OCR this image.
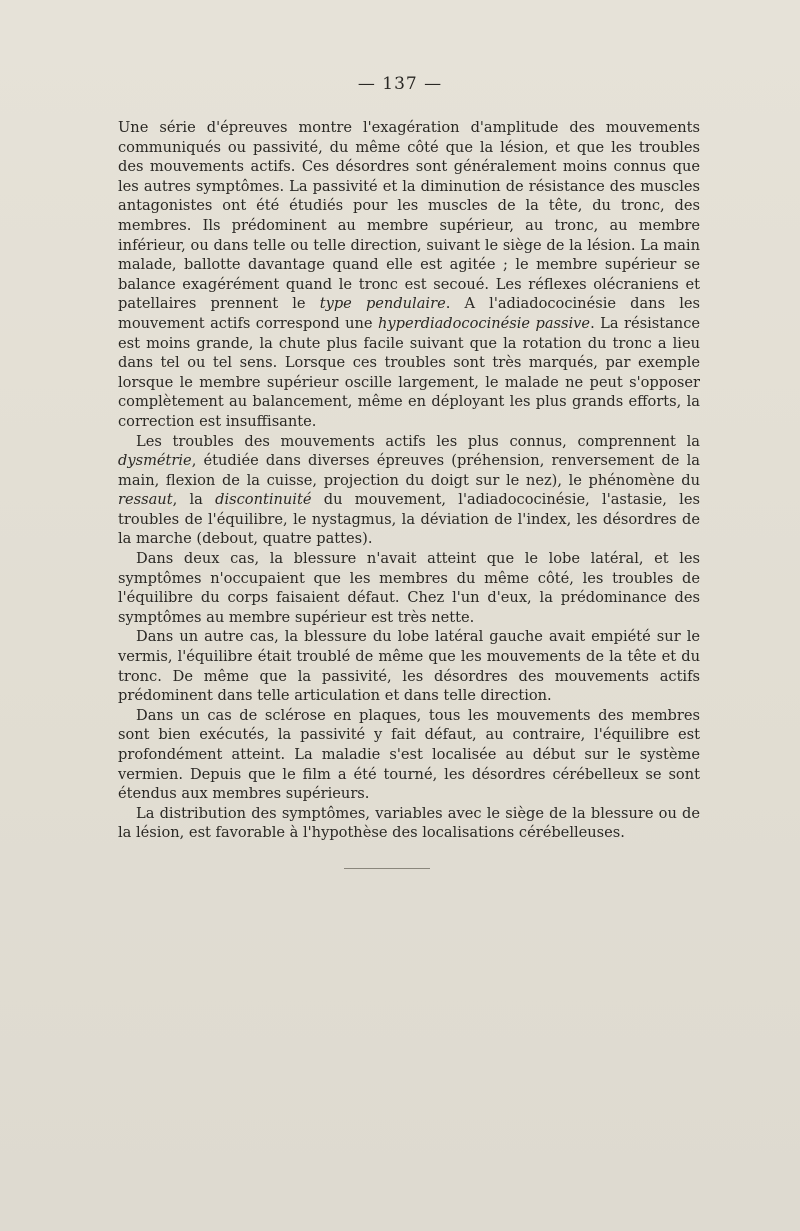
— 137 —

Une série d'épreuves montre l'exagération d'amplitude des mouvements communiqués ou passivité, du même côté que la lésion, et que les troubles des mouvements actifs. Ces désordres sont généralement moins connus que les autres symptômes. La passivité et la diminution de résistance des muscles antagonistes ont été étudiés pour les muscles de la tête, du tronc, des membres. Ils prédominent au membre supérieur, au tronc, au membre inférieur, ou dans telle ou telle direction, suivant le siège de la lésion. La main malade, ballotte davantage quand elle est agitée ; le membre supérieur se balance exagérément quand le tronc est secoué. Les réflexes olécraniens et patellaires prennent le type pendulaire. A l'adiadococinésie dans les mouvement actifs correspond une hyperdiadococinésie passive. La résistance est moins grande, la chute plus facile suivant que la rotation du tronc a lieu dans tel ou tel sens. Lorsque ces troubles sont très marqués, par exemple lorsque le membre supérieur oscille largement, le malade ne peut s'opposer complètement au balancement, même en déployant les plus grands efforts, la correction est insuffisante.

Les troubles des mouvements actifs les plus connus, comprennent la dysmétrie, étudiée dans diverses épreuves (préhension, renversement de la main, flexion de la cuisse, projection du doigt sur le nez), le phénomène du ressaut, la discontinuité du mouvement, l'adiadococinésie, l'astasie, les troubles de l'équilibre, le nystagmus, la déviation de l'index, les désordres de la marche (debout, quatre pattes).

Dans deux cas, la blessure n'avait atteint que le lobe latéral, et les symptômes n'occupaient que les membres du même côté, les troubles de l'équilibre du corps faisaient défaut. Chez l'un d'eux, la prédominance des symptômes au membre supérieur est très nette.

Dans un autre cas, la blessure du lobe latéral gauche avait empiété sur le vermis, l'équilibre était troublé de même que les mouvements de la tête et du tronc. De même que la passivité, les désordres des mouvements actifs prédominent dans telle articulation et dans telle direction.

Dans un cas de sclérose en plaques, tous les mouvements des membres sont bien exécutés, la passivité y fait défaut, au contraire, l'équilibre est profondément atteint. La maladie s'est localisée au début sur le système vermien. Depuis que le film a été tourné, les désordres cérébelleux se sont étendus aux membres supérieurs.

La distribution des symptômes, variables avec le siège de la blessure ou de la lésion, est favorable à l'hypothèse des localisations cérébelleuses.
